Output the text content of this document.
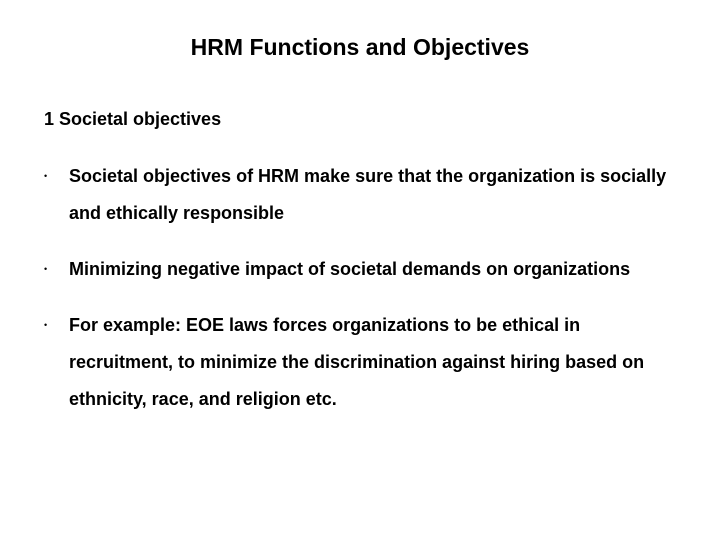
HRM Functions and Objectives
1 Societal objectives
•	Societal objectives of HRM make sure that the organization is socially and ethically responsible
•	Minimizing negative impact of societal demands on organizations
•	For example: EOE laws forces organizations to be ethical in recruitment, to minimize the discrimination against hiring based on ethnicity, race, and religion etc.
